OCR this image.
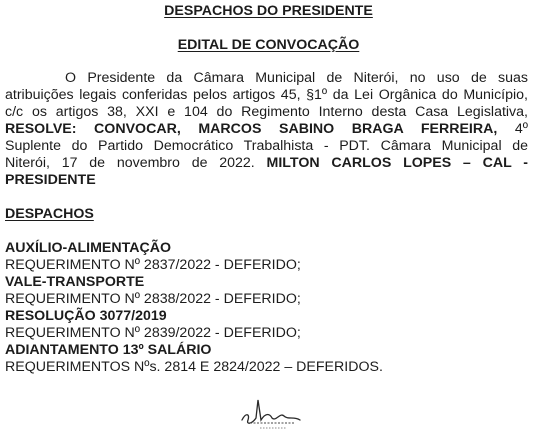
DESPACHOS DO PRESIDENTE
EDITAL DE CONVOCAÇÃO
O Presidente da Câmara Municipal de Niterói, no uso de suas
atribuições legais conferidas pelos artigos 45, §1º da Lei Orgânica do Município,
c/c os artigos 38, XXI e 104 do Regimento Interno desta Casa Legislativa,
RESOLVE: CONVOCAR, MARCOS SABINO BRAGA FERREIRA, 4º
Suplente do Partido Democrático Trabalhista - PDT. Câmara Municipal de
Niterói, 17 de novembro de 2022. MILTON CARLOS LOPES – CAL -
PRESIDENTE
DESPACHOS
AUXÍLIO-ALIMENTAÇÃO
REQUERIMENTO Nº 2837/2022 - DEFERIDO;
VALE-TRANSPORTE
REQUERIMENTO Nº 2838/2022 - DEFERIDO;
RESOLUÇÃO 3077/2019
REQUERIMENTO Nº 2839/2022 - DEFERIDO;
ADIANTAMENTO 13º SALÁRIO
REQUERIMENTOS Nºs. 2814 E 2824/2022 – DEFERIDOS.
